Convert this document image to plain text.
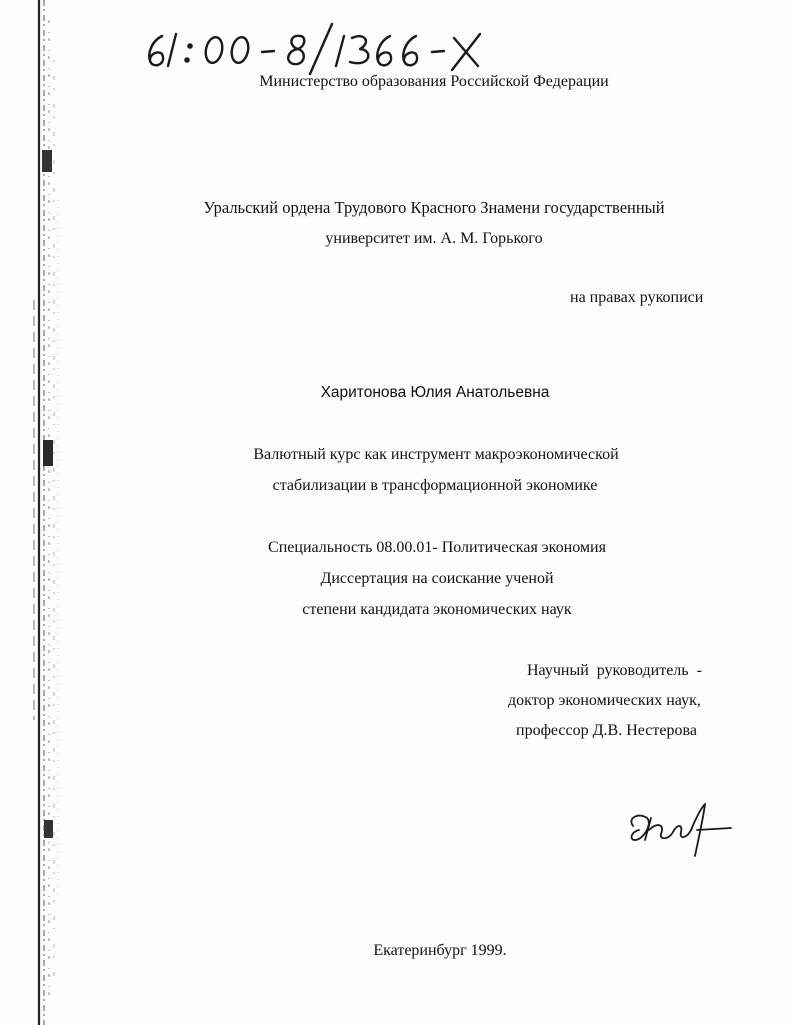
Министерство образования Российской Федерации
Уральский ордена Трудового Красного Знамени государственный
университет им. А. М. Горького
на правах рукописи
Харитонова Юлия Анатольевна
Валютный курс как инструмент макроэкономической
стабилизации в трансформационной экономике
Специальность 08.00.01- Политическая экономия
Диссертация на соискание ученой
степени кандидата экономических наук
Научный руководитель -
доктор экономических наук,
профессор Д.В. Нестерова
Екатеринбург 1999.
